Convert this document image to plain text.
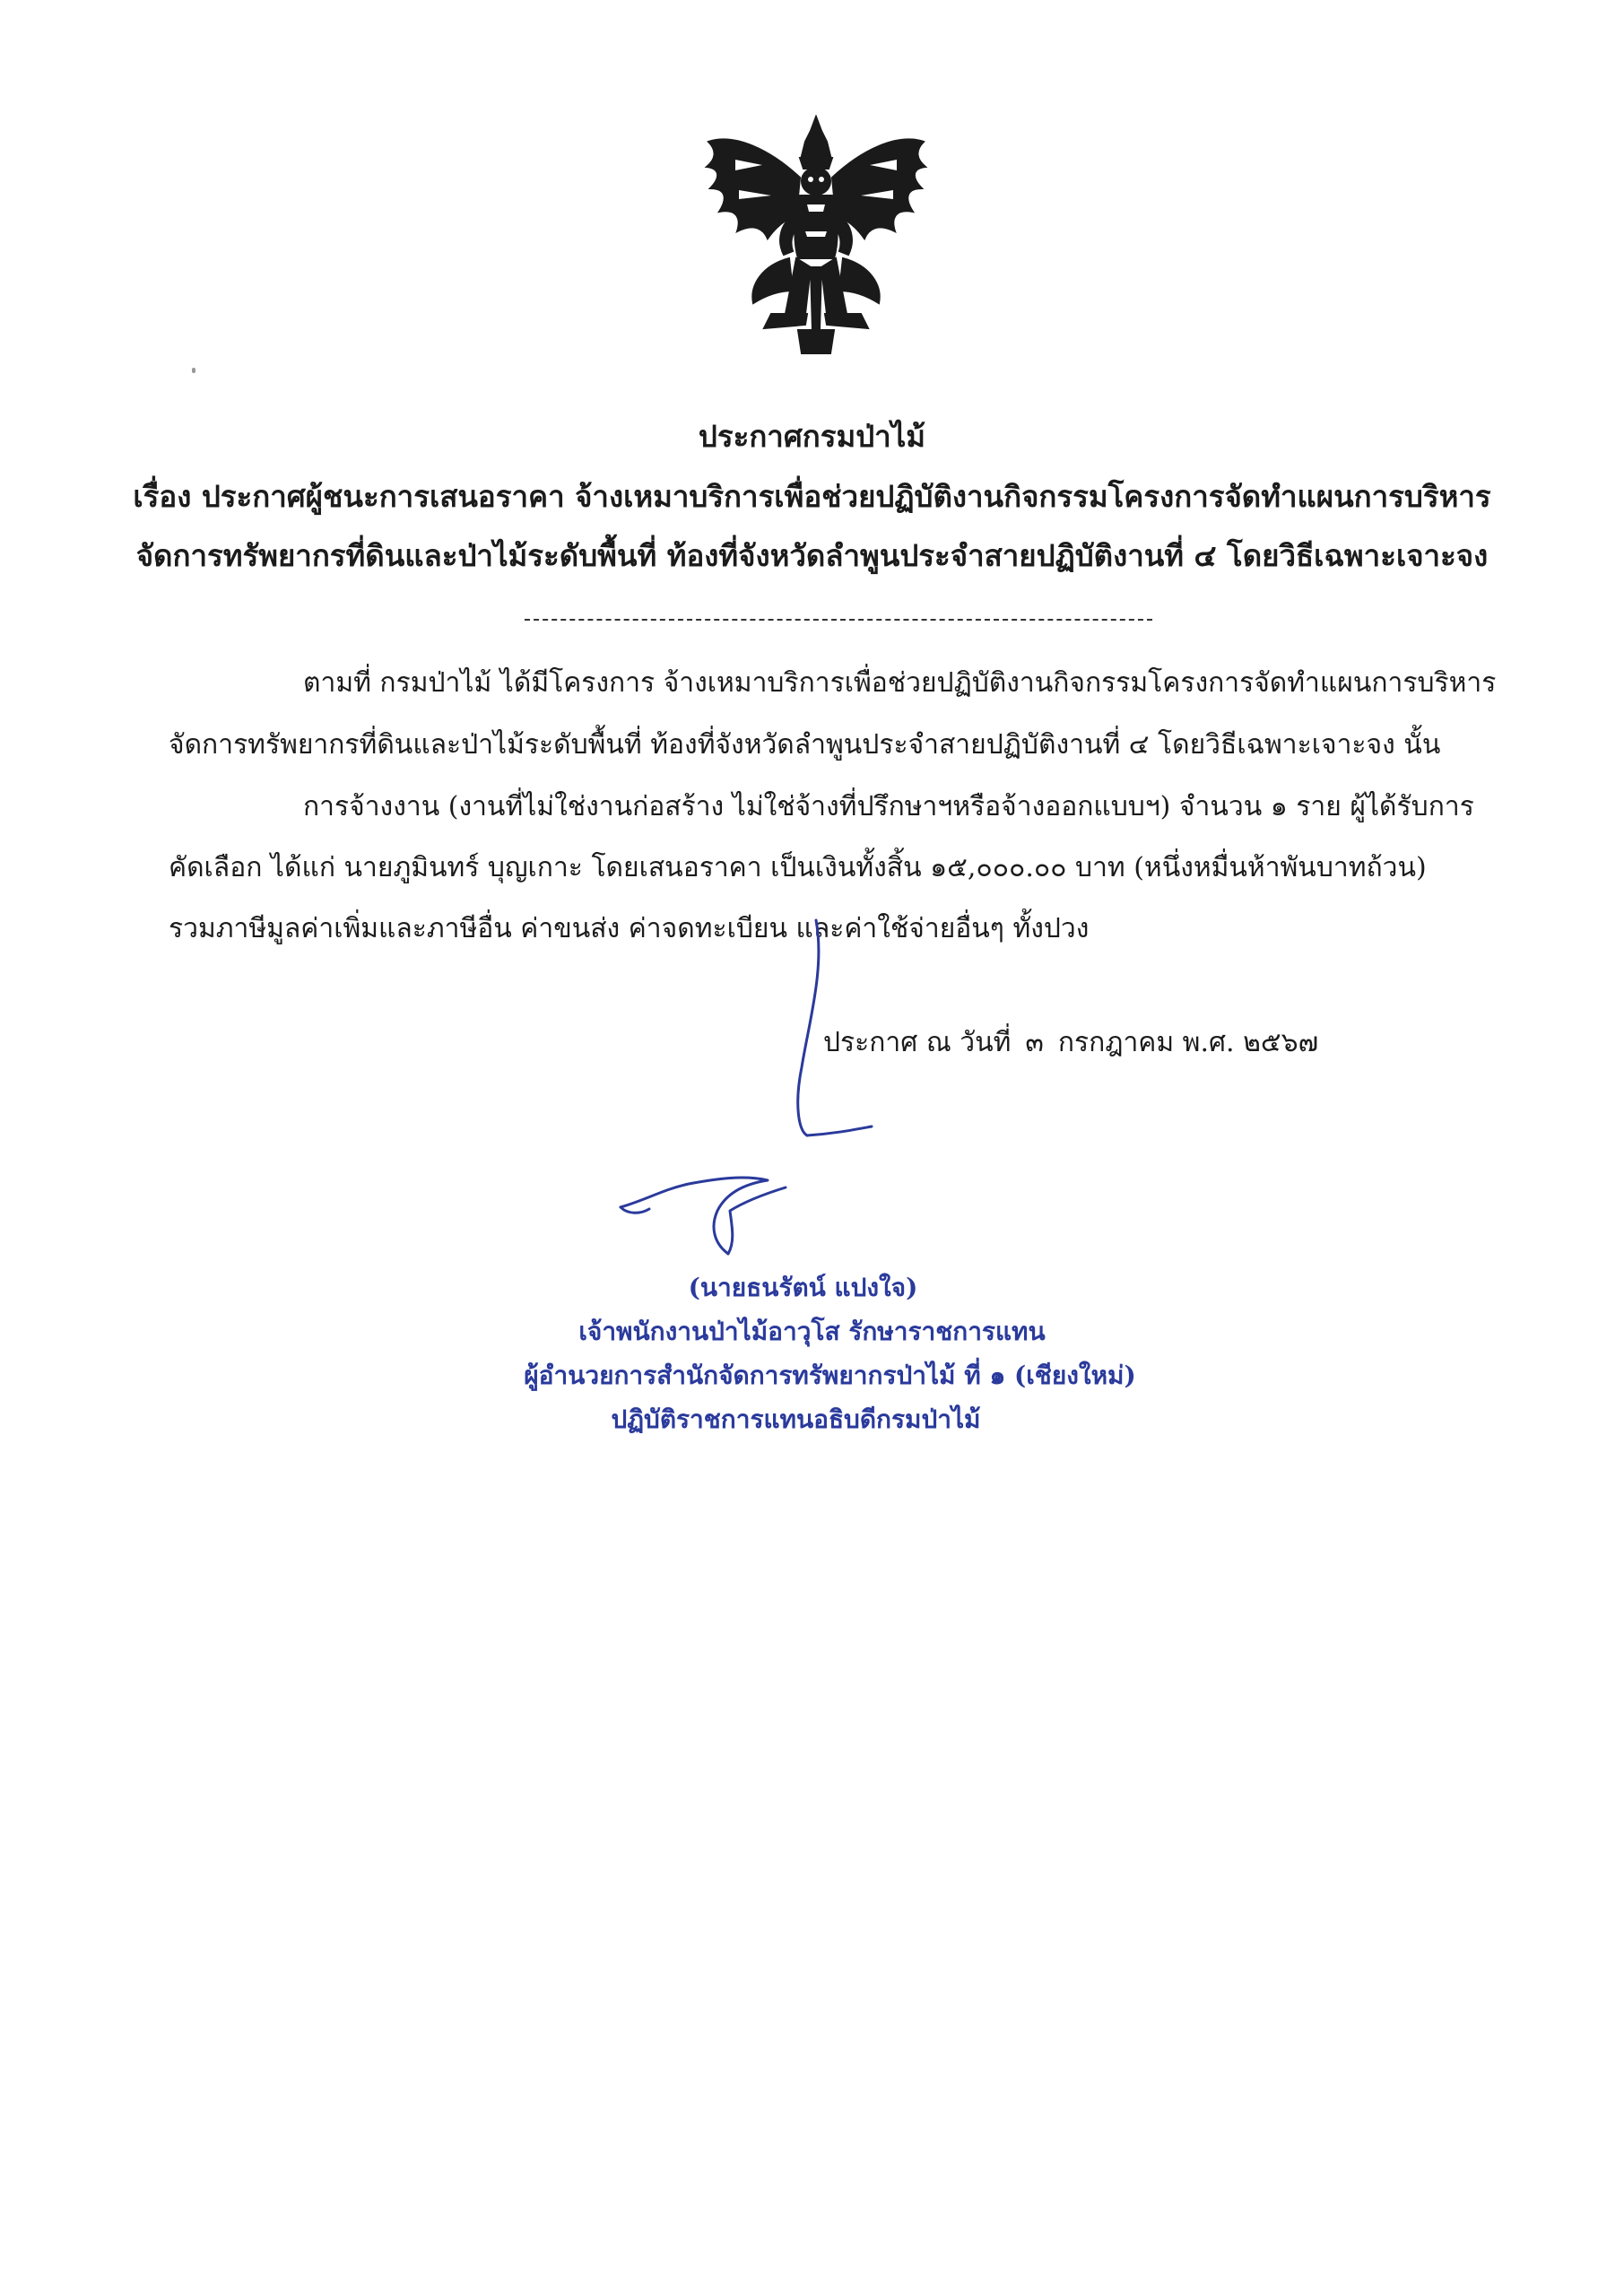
ประกาศกรมป่าไม้
เรื่อง ประกาศผู้ชนะการเสนอราคา จ้างเหมาบริการเพื่อช่วยปฏิบัติงานกิจกรรมโครงการจัดทำแผนการบริหาร
จัดการทรัพยากรที่ดินและป่าไม้ระดับพื้นที่ ท้องที่จังหวัดลำพูนประจำสายปฏิบัติงานที่ ๔ โดยวิธีเฉพาะเจาะจง
ตามที่ กรมป่าไม้ ได้มีโครงการ จ้างเหมาบริการเพื่อช่วยปฏิบัติงานกิจกรรมโครงการจัดทำแผนการบริหาร
จัดการทรัพยากรที่ดินและป่าไม้ระดับพื้นที่ ท้องที่จังหวัดลำพูนประจำสายปฏิบัติงานที่ ๔ โดยวิธีเฉพาะเจาะจง นั้น
การจ้างงาน (งานที่ไม่ใช่งานก่อสร้าง ไม่ใช่จ้างที่ปรึกษาฯหรือจ้างออกแบบฯ) จำนวน ๑ ราย ผู้ได้รับการ
คัดเลือก ได้แก่ นายภูมินทร์ บุญเกาะ โดยเสนอราคา เป็นเงินทั้งสิ้น ๑๕,๐๐๐.๐๐ บาท (หนึ่งหมื่นห้าพันบาทถ้วน)
รวมภาษีมูลค่าเพิ่มและภาษีอื่น ค่าขนส่ง ค่าจดทะเบียน และค่าใช้จ่ายอื่นๆ ทั้งปวง
ประกาศ ณ วันที่ ๓ กรกฎาคม พ.ศ. ๒๕๖๗
(นายธนรัตน์ แปงใจ)
เจ้าพนักงานป่าไม้อาวุโส รักษาราชการแทน
ผู้อำนวยการสำนักจัดการทรัพยากรป่าไม้ ที่ ๑ (เชียงใหม่)
ปฏิบัติราชการแทนอธิบดีกรมป่าไม้
